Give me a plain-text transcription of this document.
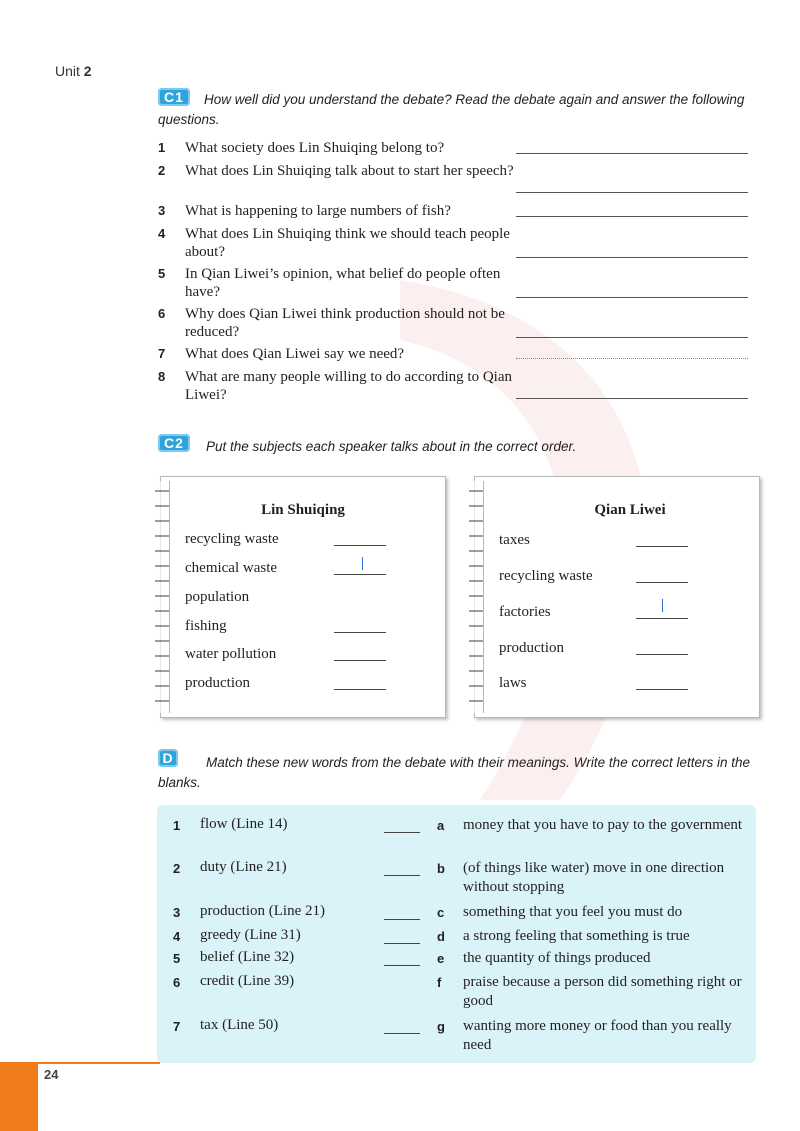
Unit 2
C1	How well did you understand the debate? Read the debate again and answer the following questions.
1 What society does Lin Shuiqing belong to?
2 What does Lin Shuiqing talk about to start her speech?
3 What is happening to large numbers of fish?
4 What does Lin Shuiqing think we should teach people about?
5 In Qian Liwei’s opinion, what belief do people often have?
6 Why does Qian Liwei think production should not be reduced?
7 What does Qian Liwei say we need?
8 What are many people willing to do according to Qian Liwei?
C2	Put the subjects each speaker talks about in the correct order.
Lin Shuiqing
recycling waste
chemical waste
population
fishing
water pollution
production
Qian Liwei
taxes
recycling waste
factories
production
laws
D	Match these new words from the debate with their meanings. Write the correct letters in the blanks.
1 flow (Line 14)
2 duty (Line 21)
3 production (Line 21)
4 greedy (Line 31)
5 belief (Line 32)
6 credit (Line 39)
7 tax (Line 50)
a money that you have to pay to the government
b (of things like water) move in one direction without stopping
c something that you feel you must do
d a strong feeling that something is true
e the quantity of things produced
f praise because a person did something right or good
g wanting more money or food than you really need
24
